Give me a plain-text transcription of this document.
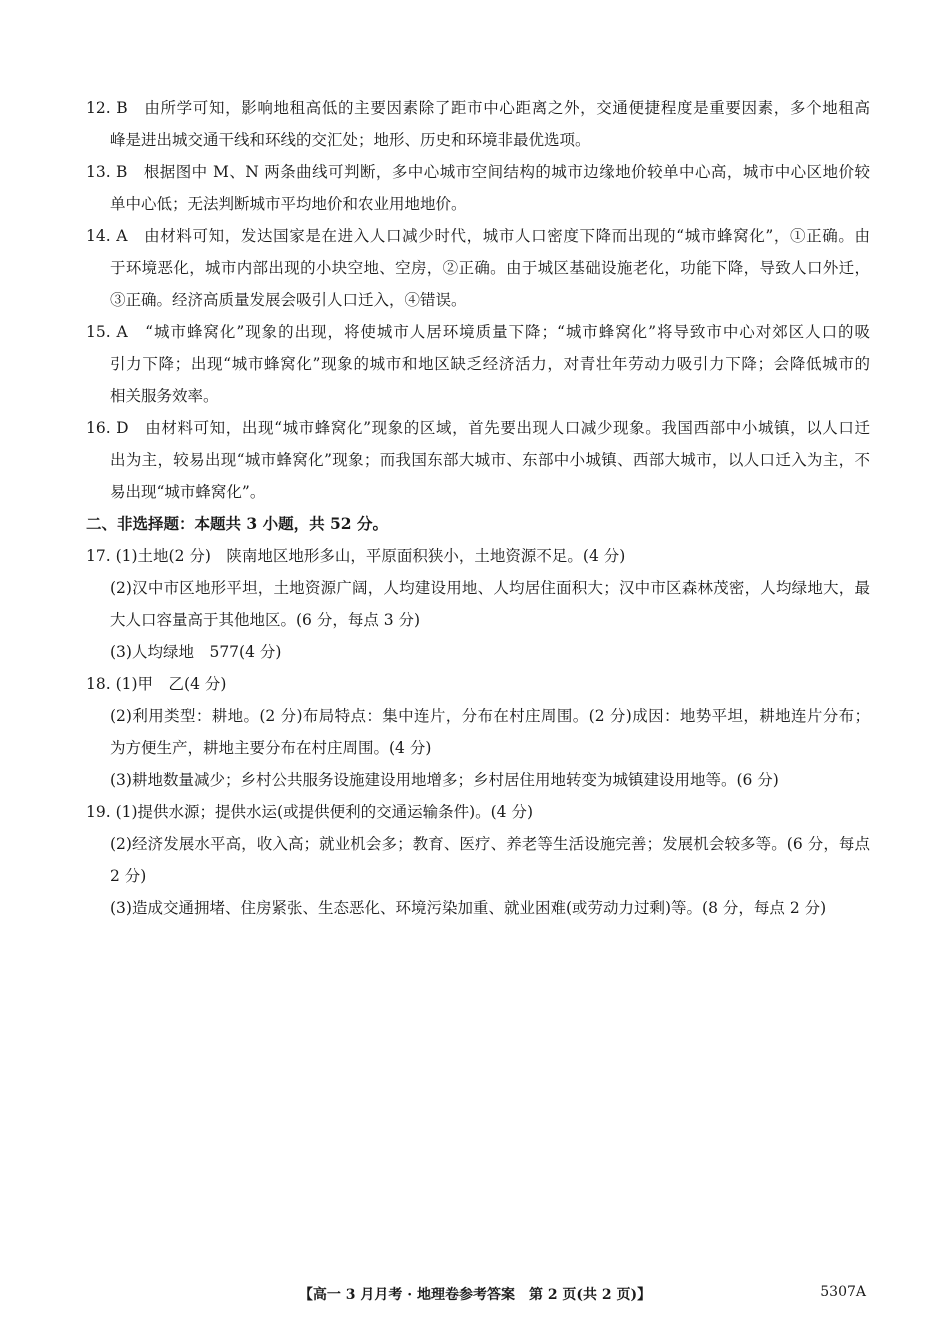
12. B　由所学可知，影响地租高低的主要因素除了距市中心距离之外，交通便捷程度是重要因素，多个地租高
峰是进出城交通干线和环线的交汇处；地形、历史和环境非最优选项。
13. B　根据图中 M、N 两条曲线可判断，多中心城市空间结构的城市边缘地价较单中心高，城市中心区地价较
单中心低；无法判断城市平均地价和农业用地地价。
14. A　由材料可知，发达国家是在进入人口减少时代，城市人口密度下降而出现的“城市蜂窝化”，①正确。由
于环境恶化，城市内部出现的小块空地、空房，②正确。由于城区基础设施老化，功能下降，导致人口外迁，
③正确。经济高质量发展会吸引人口迁入，④错误。
15. A　“城市蜂窝化”现象的出现，将使城市人居环境质量下降；“城市蜂窝化”将导致市中心对郊区人口的吸
引力下降；出现“城市蜂窝化”现象的城市和地区缺乏经济活力，对青壮年劳动力吸引力下降；会降低城市的
相关服务效率。
16. D　由材料可知，出现“城市蜂窝化”现象的区域，首先要出现人口减少现象。我国西部中小城镇，以人口迁
出为主，较易出现“城市蜂窝化”现象；而我国东部大城市、东部中小城镇、西部大城市，以人口迁入为主，不
易出现“城市蜂窝化”。
二、非选择题：本题共 3 小题，共 52 分。
17. (1)土地(2 分)　陕南地区地形多山，平原面积狭小，土地资源不足。(4 分)
(2)汉中市区地形平坦，土地资源广阔，人均建设用地、人均居住面积大；汉中市区森林茂密，人均绿地大，最
大人口容量高于其他地区。(6 分，每点 3 分)
(3)人均绿地　577(4 分)
18. (1)甲　乙(4 分)
(2)利用类型：耕地。(2 分)布局特点：集中连片，分布在村庄周围。(2 分)成因：地势平坦，耕地连片分布；
为方便生产，耕地主要分布在村庄周围。(4 分)
(3)耕地数量减少；乡村公共服务设施建设用地增多；乡村居住用地转变为城镇建设用地等。(6 分)
19. (1)提供水源；提供水运(或提供便利的交通运输条件)。(4 分)
(2)经济发展水平高，收入高；就业机会多；教育、医疗、养老等生活设施完善；发展机会较多等。(6 分，每点
2 分)
(3)造成交通拥堵、住房紧张、生态恶化、环境污染加重、就业困难(或劳动力过剩)等。(8 分，每点 2 分)
【高一 3 月月考 · 地理卷参考答案　第 2 页(共 2 页)】	5307A
